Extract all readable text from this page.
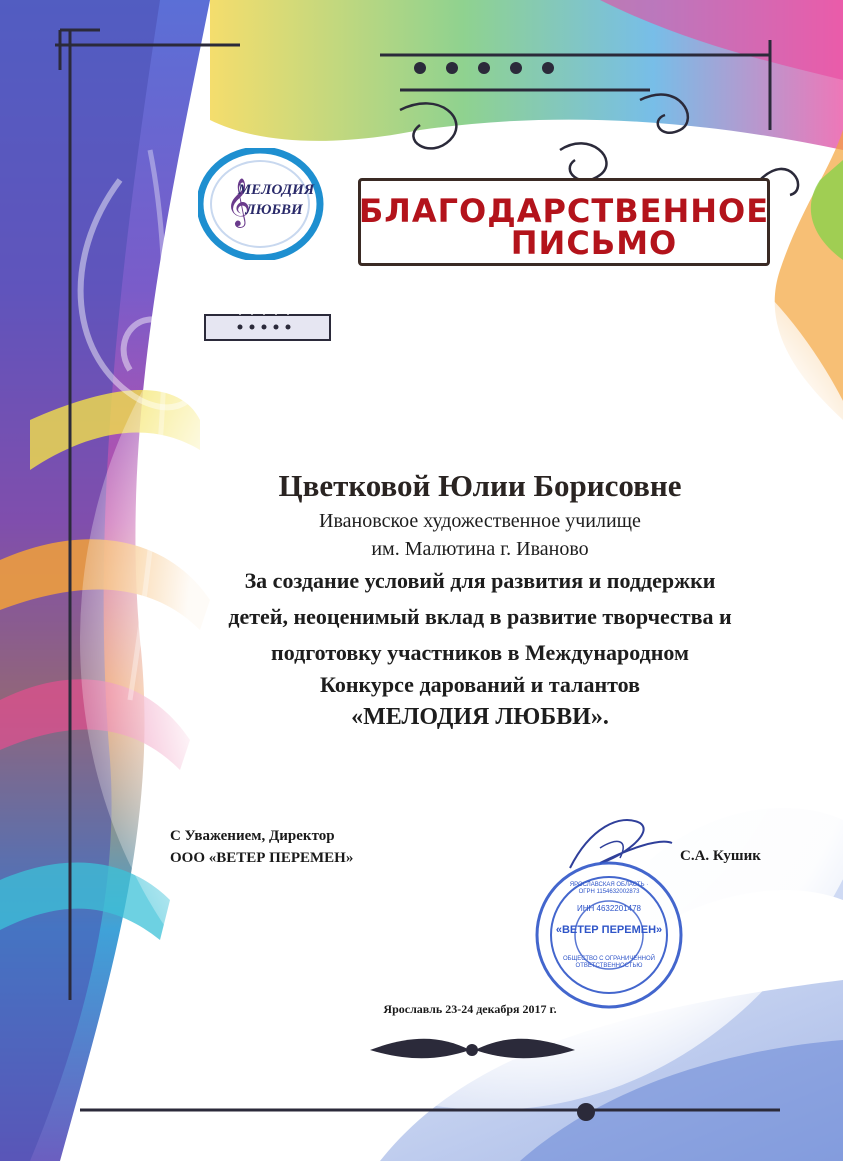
𝄞
МЕЛОДИЯ
ЛЮБВИ	БЛАГОДАРСТВЕННОЕ
ПИСЬМО
Цветковой Юлии Борисовне
Ивановское художественное училище
им. Малютина г. Иваново
За создание условий для развития и поддержки
детей, неоценимый вклад в развитие творчества и
подготовку участников в Международном
Конкурсе дарований и талантов
«МЕЛОДИЯ ЛЮБВИ».
С Уважением, Директор
ООО «ВЕТЕР ПЕРЕМЕН»	С.А. Кушик
ЯРОСЛАВСКАЯ ОБЛАСТЬ · ОГРН 1154632002873
ИНН 4632201478
«ВЕТЕР ПЕРЕМЕН»
ОБЩЕСТВО С ОГРАНИЧЕННОЙ ОТВЕТСТВЕННОСТЬЮ
Ярославль 23-24 декабря 2017 г.
